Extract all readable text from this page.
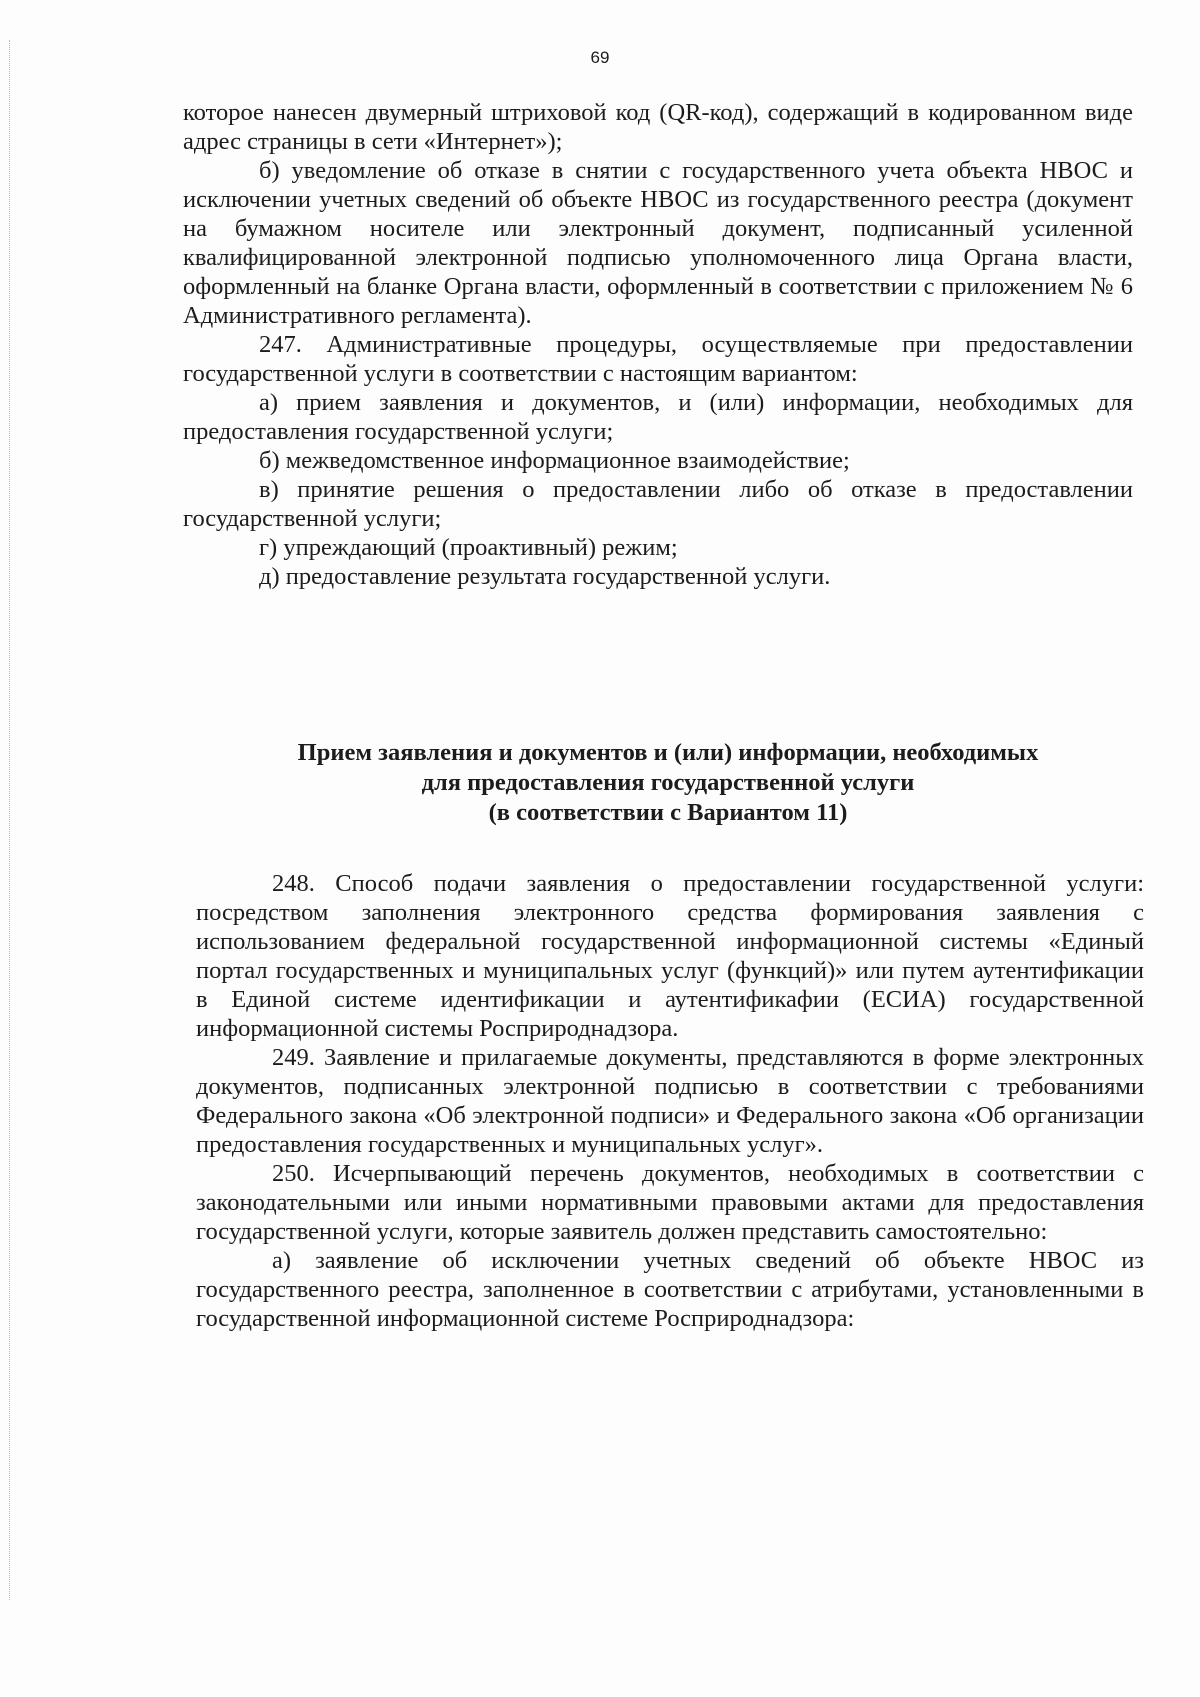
69

которое нанесен двумерный штриховой код (QR-код), содержащий в кодированном виде адрес страницы в сети «Интернет»);

б) уведомление об отказе в снятии с государственного учета объекта НВОС и исключении учетных сведений об объекте НВОС из государственного реестра (документ на бумажном носителе или электронный документ, подписанный усиленной квалифицированной электронной подписью уполномоченного лица Органа власти, оформленный на бланке Органа власти, оформленный в соответствии с приложением № 6 Административного регламента).

247. Административные процедуры, осуществляемые при предоставлении государственной услуги в соответствии с настоящим вариантом:

а) прием заявления и документов, и (или) информации, необходимых для предоставления государственной услуги;

б) межведомственное информационное взаимодействие;

в) принятие решения о предоставлении либо об отказе в предоставлении государственной услуги;

г) упреждающий (проактивный) режим;

д) предоставление результата государственной услуги.

Прием заявления и документов и (или) информации, необходимых
для предоставления государственной услуги
(в соответствии с Вариантом 11)

248. Способ подачи заявления о предоставлении государственной услуги: посредством заполнения электронного средства формирования заявления с использованием федеральной государственной информационной системы «Единый портал государственных и муниципальных услуг (функций)» или путем аутентификации в Единой системе идентификации и аутентификафии (ЕСИА) государственной информационной системы Росприроднадзора.

249. Заявление и прилагаемые документы, представляются в форме электронных документов, подписанных электронной подписью в соответствии с требованиями Федерального закона «Об электронной подписи» и Федерального закона «Об организации предоставления государственных и муниципальных услуг».

250. Исчерпывающий перечень документов, необходимых в соответствии с законодательными или иными нормативными правовыми актами для предоставления государственной услуги, которые заявитель должен представить самостоятельно:

а) заявление об исключении учетных сведений об объекте НВОС из государственного реестра, заполненное в соответствии с атрибутами, установленными в государственной информационной системе Росприроднадзора:
